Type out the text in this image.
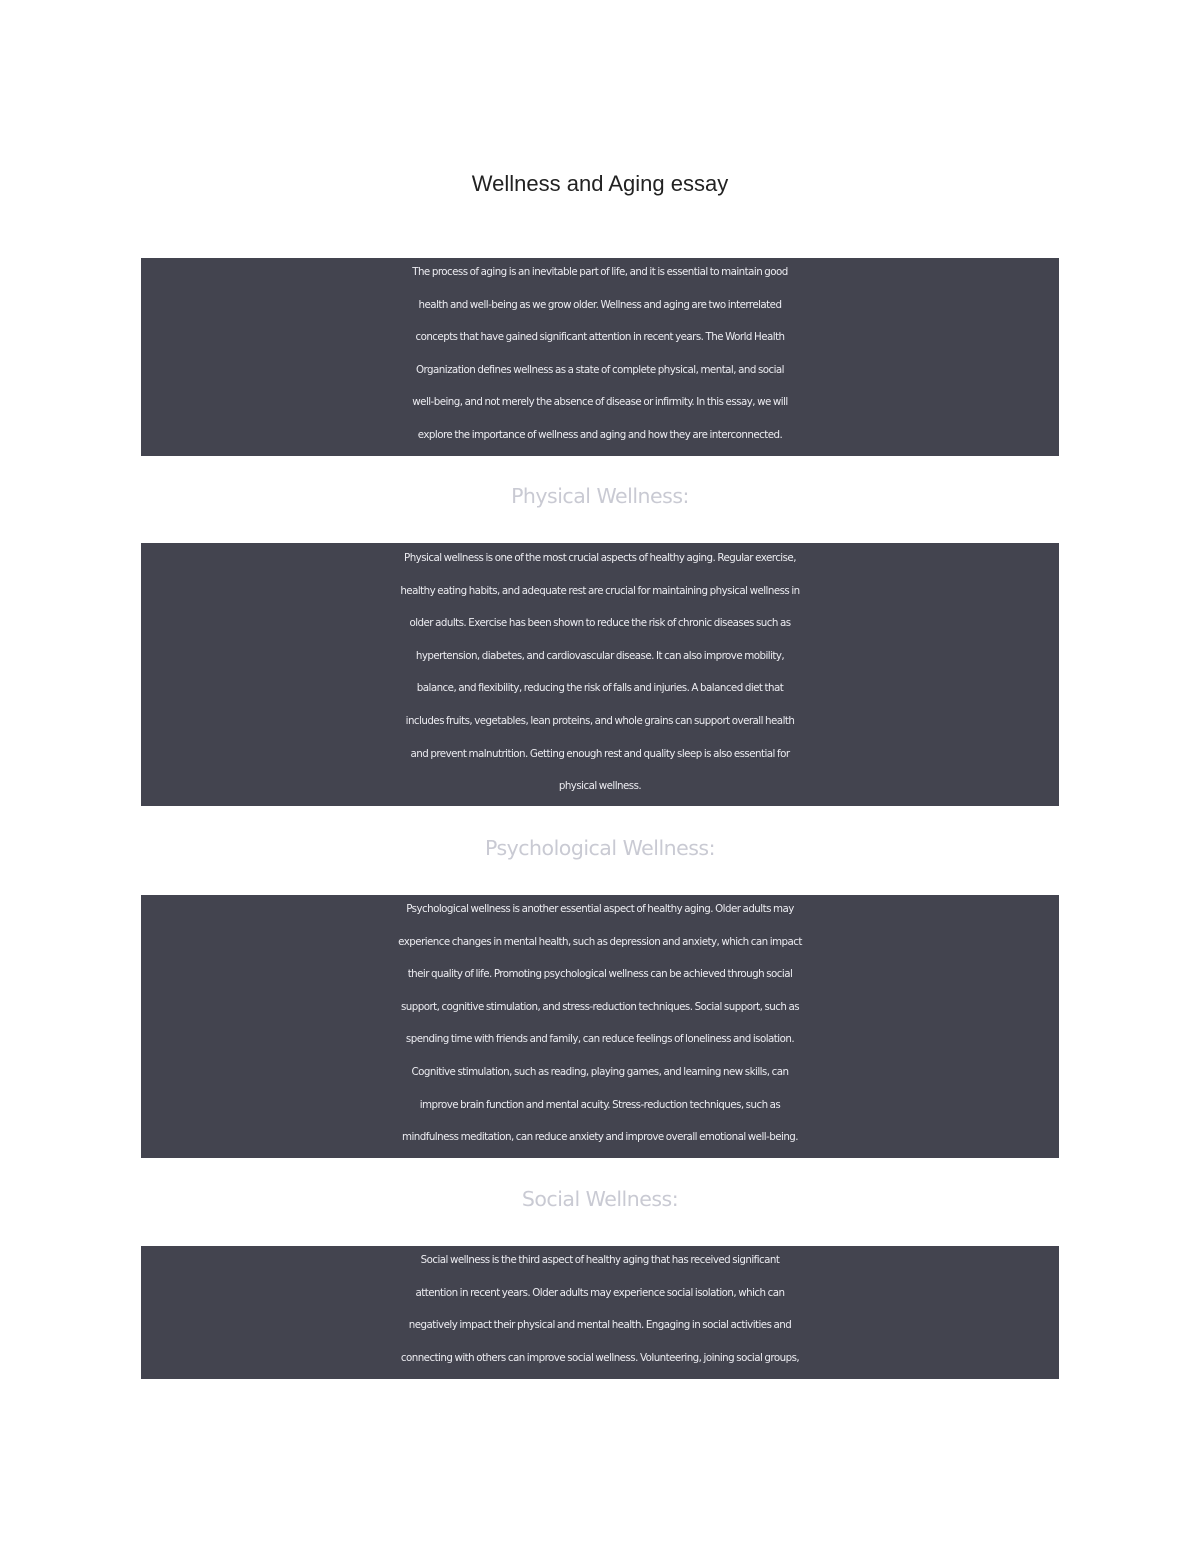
Wellness and Aging essay
The process of aging is an inevitable part of life, and it is essential to maintain good
health and well-being as we grow older. Wellness and aging are two interrelated
concepts that have gained significant attention in recent years. The World Health
Organization defines wellness as a state of complete physical, mental, and social
well-being, and not merely the absence of disease or infirmity. In this essay, we will
explore the importance of wellness and aging and how they are interconnected.
Physical Wellness:
Physical wellness is one of the most crucial aspects of healthy aging. Regular exercise,
healthy eating habits, and adequate rest are crucial for maintaining physical wellness in
older adults. Exercise has been shown to reduce the risk of chronic diseases such as
hypertension, diabetes, and cardiovascular disease. It can also improve mobility,
balance, and flexibility, reducing the risk of falls and injuries. A balanced diet that
includes fruits, vegetables, lean proteins, and whole grains can support overall health
and prevent malnutrition. Getting enough rest and quality sleep is also essential for
physical wellness.
Psychological Wellness:
Psychological wellness is another essential aspect of healthy aging. Older adults may
experience changes in mental health, such as depression and anxiety, which can impact
their quality of life. Promoting psychological wellness can be achieved through social
support, cognitive stimulation, and stress-reduction techniques. Social support, such as
spending time with friends and family, can reduce feelings of loneliness and isolation.
Cognitive stimulation, such as reading, playing games, and learning new skills, can
improve brain function and mental acuity. Stress-reduction techniques, such as
mindfulness meditation, can reduce anxiety and improve overall emotional well-being.
Social Wellness:
Social wellness is the third aspect of healthy aging that has received significant
attention in recent years. Older adults may experience social isolation, which can
negatively impact their physical and mental health. Engaging in social activities and
connecting with others can improve social wellness. Volunteering, joining social groups,
